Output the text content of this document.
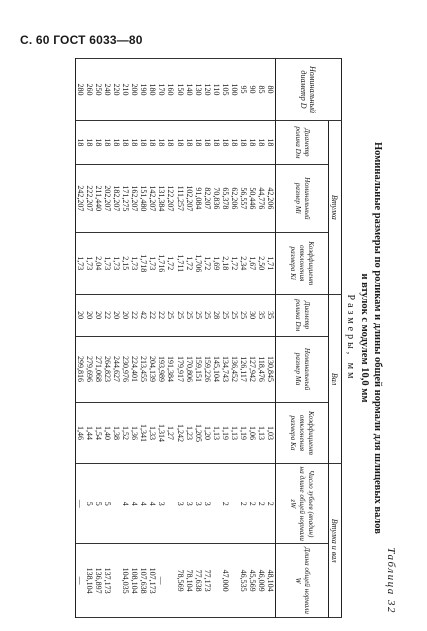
С. 60 ГОСТ 6033—80
Таблица 32
Номинальные размеры по роликам и длины общей нормали для шлицевых валов
и втулок с модулем 10,0 мм
Размеры, мм
Номинальный диаметр D	Втулка			Вал			Втулка и вал	
	Диаметр ролика Dм	Номинальный размер Mi	Коэффициент отклонения размера Ki	Диаметр ролика Dм	Номинальный размер Ma	Коэффициент отклонения размера Ka	Число зубьев (впадин) на длине общей нормали zW	Длина общей нормали W
80	18	42,206	1,71	35	130,845	1,03	2	48,104
85	18	44,776	2,50	35	118,476	1,13	2	46,009
90	18	50,446	1,67	30	127,942	1,06	2	45,569
95	18	56,557	2,34	25	126,117	1,19	2	46,535
100	18	62,206	1,72	25	136,452	1,13		
105	18	65,378	2,18	25	134,743	1,19	2	47,000
110	18	70,836	1,69	28	145,104	1,13		
120	18	82,207	1,72	25	159,226	1,20	3	77,173
130	18	91,084	1,706	25	159,151	1,205	3	77,638
140	18	102,207	1,72	25	170,806	1,23	3	78,104
150	18	111,257	1,711	25	179,917	1,242	3	78,569
160	18	122,207	1,72	25	191,384	1,27		
170	18	131,384	1,716	22	193,989	1,314	3	—
180	18	142,207	1,73	22	204,139	1,33	4	107,173
190	18	151,480	1,718	42	213,455	1,341	4	107,638
200	18	162,207	1,73	22	224,401	1,36	4	108,104
210	18	171,275	2,15	20	230,976	1,52	4	104,035
220	18	182,207	1,73	20	244,627	1,38		
240	18	202,207	1,73	22	264,823	1,40	5	137,173
250	18	211,440	2,04	20	271,068	1,54	5	136,897
260	18	222,207	1,73	20	279,696	1,44	5	138,104
280	18	242,207	1,73	20	299,816	1,46	—	—
